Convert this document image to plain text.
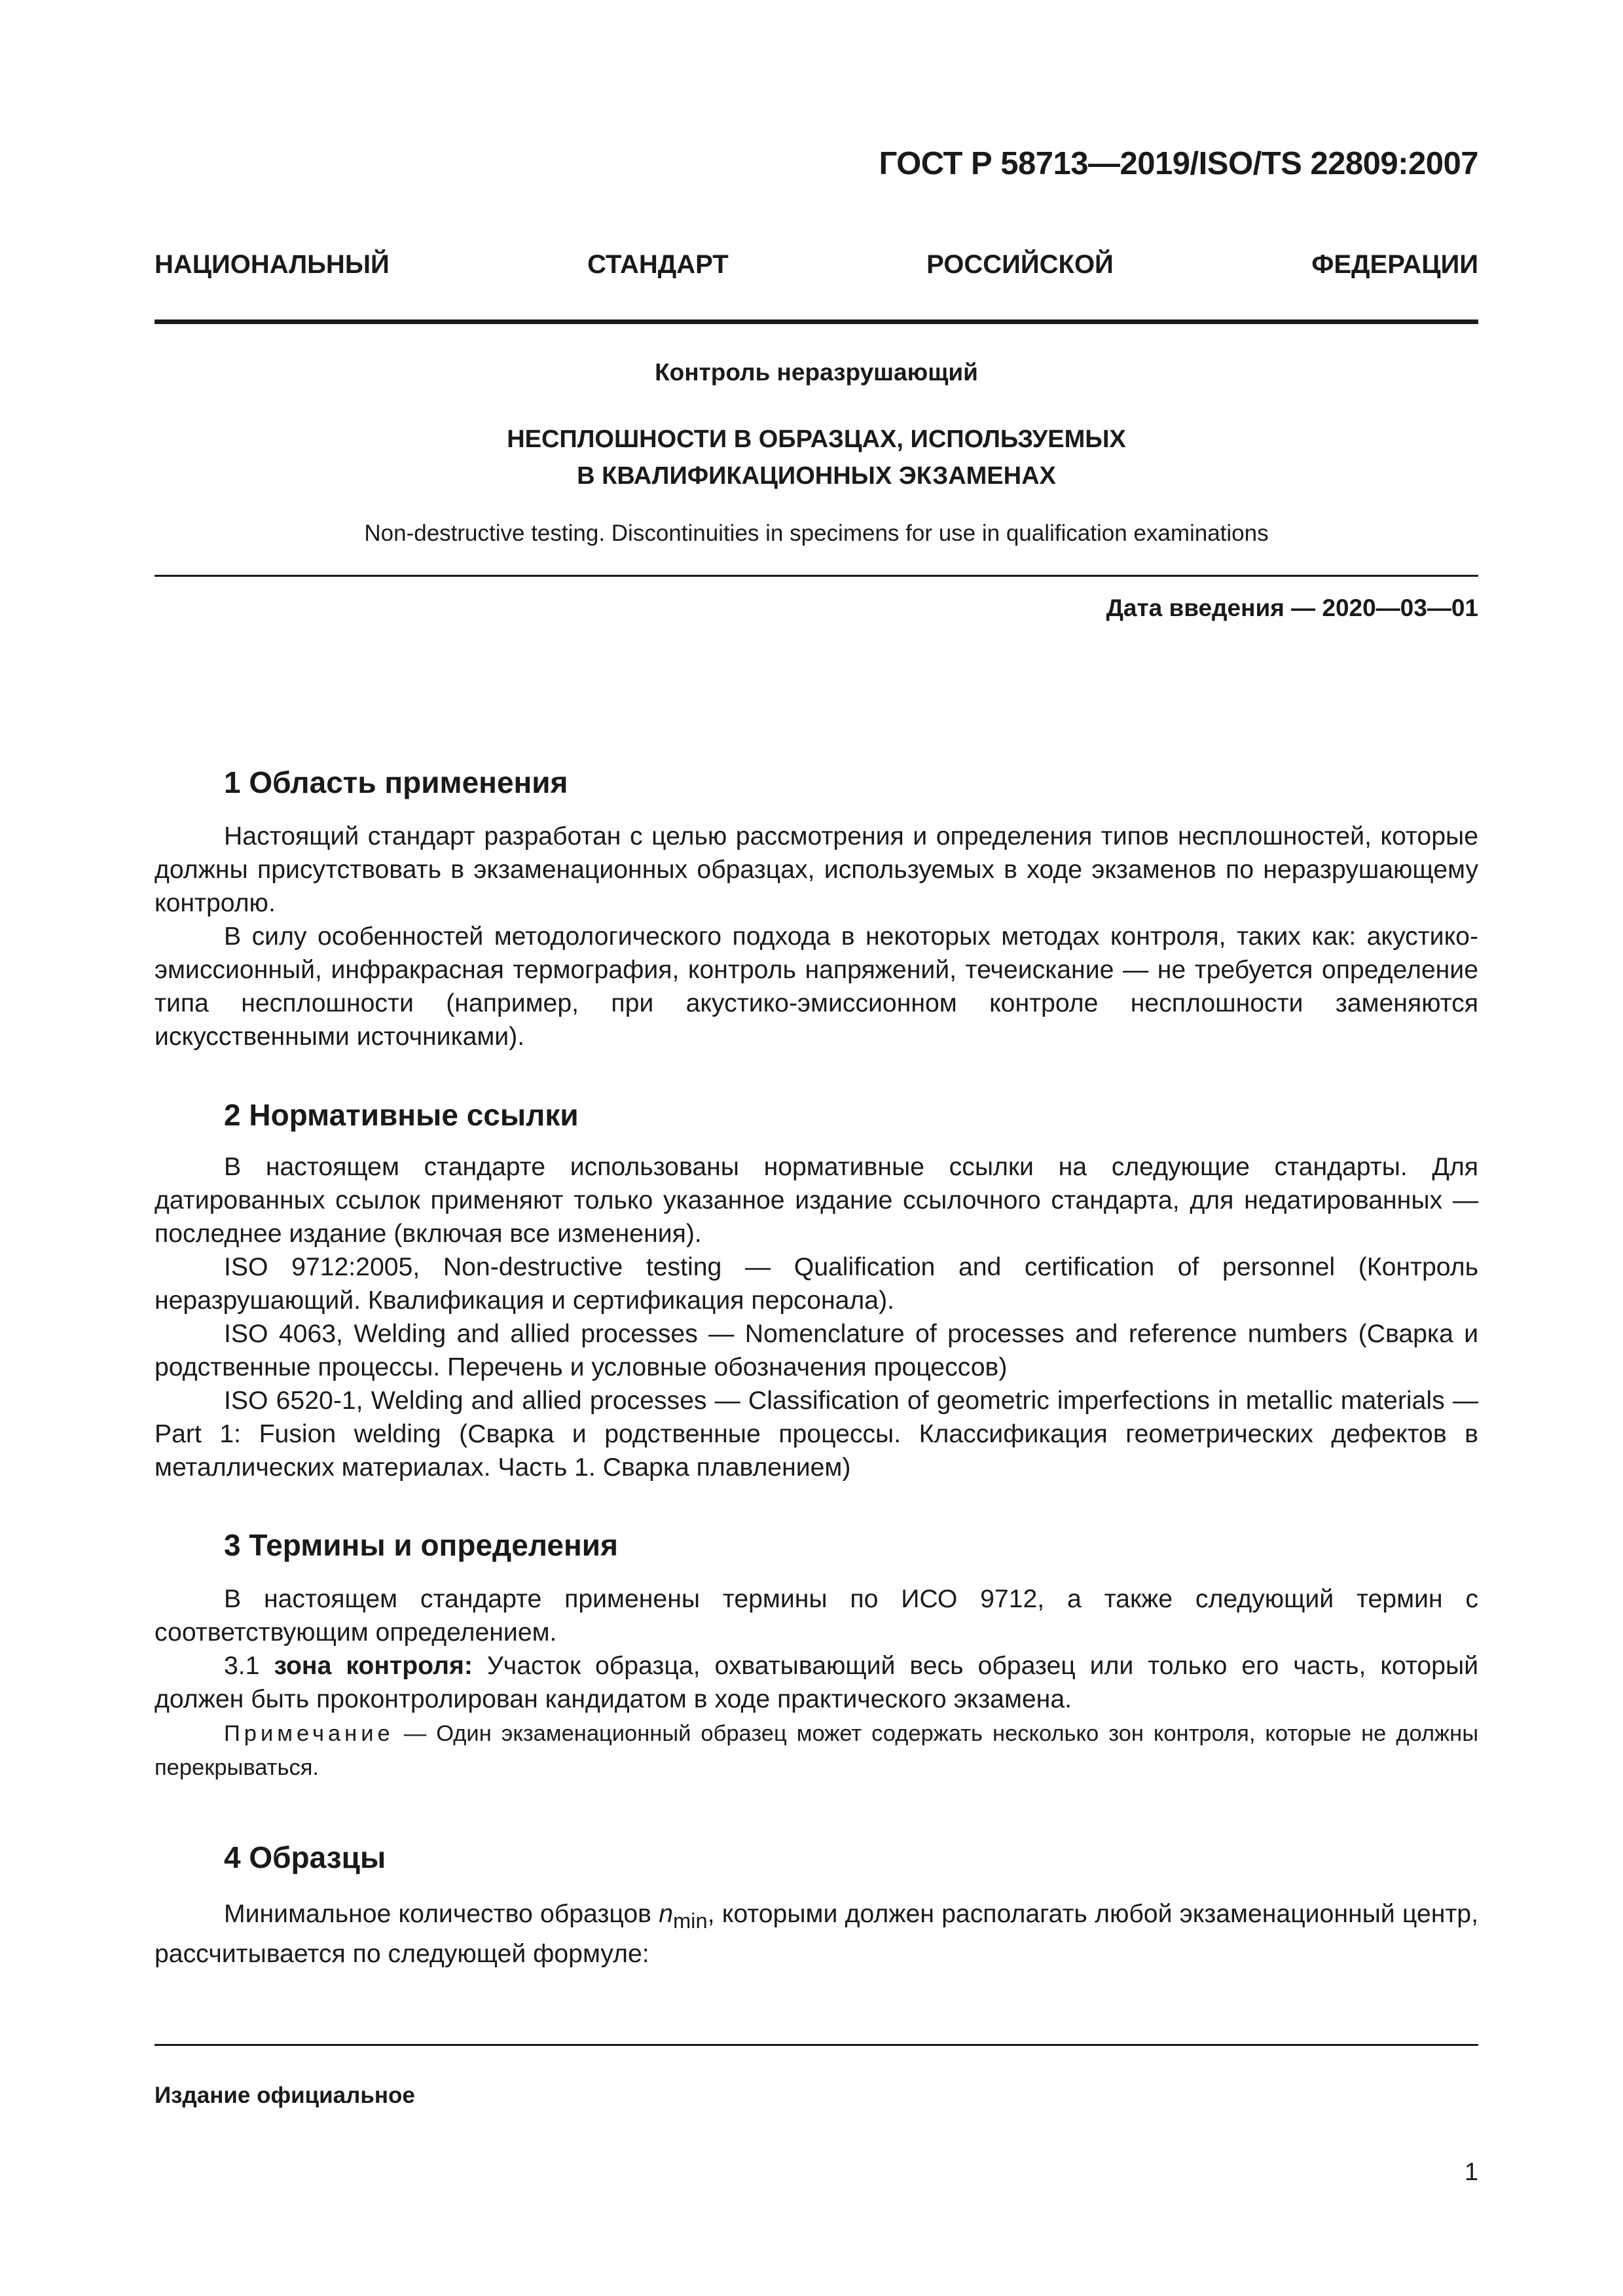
ГОСТ Р 58713—2019/ISO/TS 22809:2007
НАЦИОНАЛЬНЫЙ СТАНДАРТ РОССИЙСКОЙ ФЕДЕРАЦИИ
Контроль неразрушающий
НЕСПЛОШНОСТИ В ОБРАЗЦАХ, ИСПОЛЬЗУЕМЫХ
В КВАЛИФИКАЦИОННЫХ ЭКЗАМЕНАХ
Non-destructive testing. Discontinuities in specimens for use in qualification examinations
Дата введения — 2020—03—01
1 Область применения

Настоящий стандарт разработан с целью рассмотрения и определения типов несплошностей, которые должны присутствовать в экзаменационных образцах, используемых в ходе экзаменов по неразрушающему контролю.

В силу особенностей методологического подхода в некоторых методах контроля, таких как: акустико-эмиссионный, инфракрасная термография, контроль напряжений, течеискание — не требуется определение типа несплошности (например, при акустико-эмиссионном контроле несплошности заменяются искусственными источниками).

2 Нормативные ссылки

В настоящем стандарте использованы нормативные ссылки на следующие стандарты. Для датированных ссылок применяют только указанное издание ссылочного стандарта, для недатированных — последнее издание (включая все изменения).

ISO 9712:2005, Non-destructive testing — Qualification and certification of personnel (Контроль неразрушающий. Квалификация и сертификация персонала).

ISO 4063, Welding and allied processes — Nomenclature of processes and reference numbers (Сварка и родственные процессы. Перечень и условные обозначения процессов)

ISO 6520-1, Welding and allied processes — Classification of geometric imperfections in metallic materials — Part 1: Fusion welding (Сварка и родственные процессы. Классификация геометрических дефектов в металлических материалах. Часть 1. Сварка плавлением)

3 Термины и определения

В настоящем стандарте применены термины по ИСО 9712, а также следующий термин с соответствующим определением.

3.1 зона контроля: Участок образца, охватывающий весь образец или только его часть, который должен быть проконтролирован кандидатом в ходе практического экзамена.

Примечание — Один экзаменационный образец может содержать несколько зон контроля, которые не должны перекрываться.
4 Образцы

Минимальное количество образцов $n_{min}$, которыми должен располагать любой экзаменационный центр, рассчитывается по следующей формуле:

Издание официальное
1
